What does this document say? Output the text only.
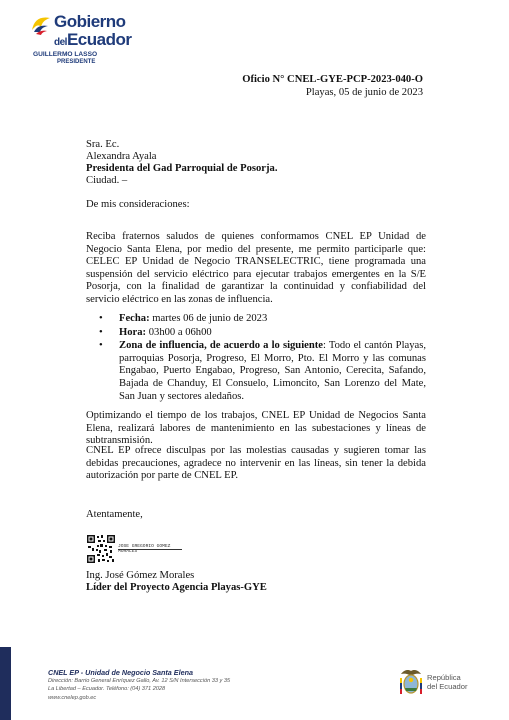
Gobierno
delEcuador
GUILLERMO LASSO
PRESIDENTE
Oficio N° CNEL-GYE-PCP-2023-040-O
Playas, 05 de junio de 2023
Sra. Ec.
Alexandra Ayala
Presidenta del Gad Parroquial de Posorja.
Ciudad. –
De mis consideraciones:
Reciba fraternos saludos de quienes conformamos CNEL EP Unidad de Negocio Santa Elena, por medio del presente, me permito participarle que: CELEC EP Unidad de Negocio TRANSELECTRIC, tiene programada una suspensión del servicio eléctrico para ejecutar trabajos emergentes en la S/E Posorja, con la finalidad de garantizar la continuidad y confiabilidad del servicio eléctrico en las zonas de influencia.
• Fecha: martes 06 de junio de 2023
• Hora: 03h00 a 06h00
• Zona de influencia, de acuerdo a lo siguiente: Todo el cantón Playas, parroquias Posorja, Progreso, El Morro, Pto. El Morro y las comunas Engabao, Puerto Engabao, Progreso, San Antonio, Cerecita, Safando, Bajada de Chanduy, El Consuelo, Limoncito, San Lorenzo del Mate, San Juan y sectores aledaños.
Optimizando el tiempo de los trabajos, CNEL EP Unidad de Negocios Santa Elena, realizará labores de mantenimiento en las subestaciones y líneas de subtransmisión.
CNEL EP ofrece disculpas por las molestias causadas y sugieren tomar las debidas precauciones, agradece no intervenir en las líneas, sin tener la debida autorización por parte de CNEL EP.
Atentamente,
JOSE GREGORIO GOMEZ
MORALES
Ing. José Gómez Morales
Líder del Proyecto Agencia Playas-GYE
CNEL EP - Unidad de Negocio Santa Elena
Dirección: Barrio General Enríquez Gallo, Av. 12 S/N Intersección 33 y 35
La Libertad – Ecuador. Teléfono: (04) 371 2028
www.cnelep.gob.ec
República
del Ecuador
